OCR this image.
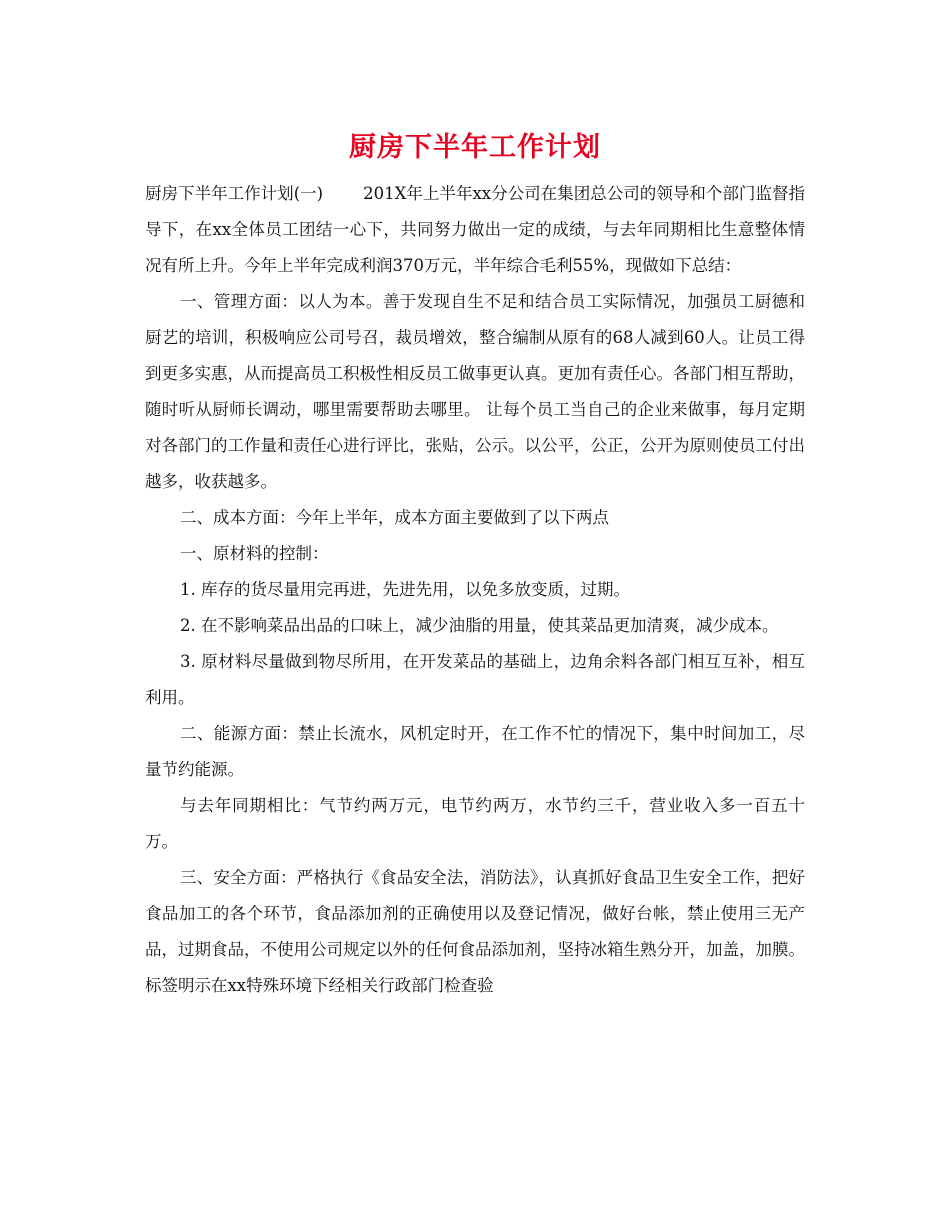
厨房下半年工作计划

厨房下半年工作计划(一) 201X年上半年xx分公司在集团总公司的领导和个部门监督指导下，在xx全体员工团结一心下，共同努力做出一定的成绩，与去年同期相比生意整体情况有所上升。今年上半年完成利润370万元，半年综合毛利55%，现做如下总结：

一、管理方面：以人为本。善于发现自生不足和结合员工实际情况，加强员工厨德和厨艺的培训，积极响应公司号召，裁员增效，整合编制从原有的68人减到60人。让员工得到更多实惠，从而提高员工积极性相反员工做事更认真。更加有责任心。各部门相互帮助，随时听从厨师长调动，哪里需要帮助去哪里。 让每个员工当自己的企业来做事，每月定期对各部门的工作量和责任心进行评比，张贴，公示。以公平，公正，公开为原则使员工付出越多，收获越多。

二、成本方面：今年上半年，成本方面主要做到了以下两点

一、原材料的控制：

1. 库存的货尽量用完再进，先进先用，以免多放变质，过期。

2. 在不影响菜品出品的口味上，减少油脂的用量，使其菜品更加清爽，减少成本。

3. 原材料尽量做到物尽所用，在开发菜品的基础上，边角余料各部门相互互补，相互利用。

二、能源方面：禁止长流水，风机定时开，在工作不忙的情况下，集中时间加工，尽量节约能源。

与去年同期相比：气节约两万元，电节约两万，水节约三千，营业收入多一百五十万。

三、安全方面：严格执行《食品安全法，消防法》，认真抓好食品卫生安全工作，把好食品加工的各个环节，食品添加剂的正确使用以及登记情况，做好台帐，禁止使用三无产品，过期食品，不使用公司规定以外的任何食品添加剂，坚持冰箱生熟分开，加盖，加膜。标签明示在xx特殊环境下经相关行政部门检查验
